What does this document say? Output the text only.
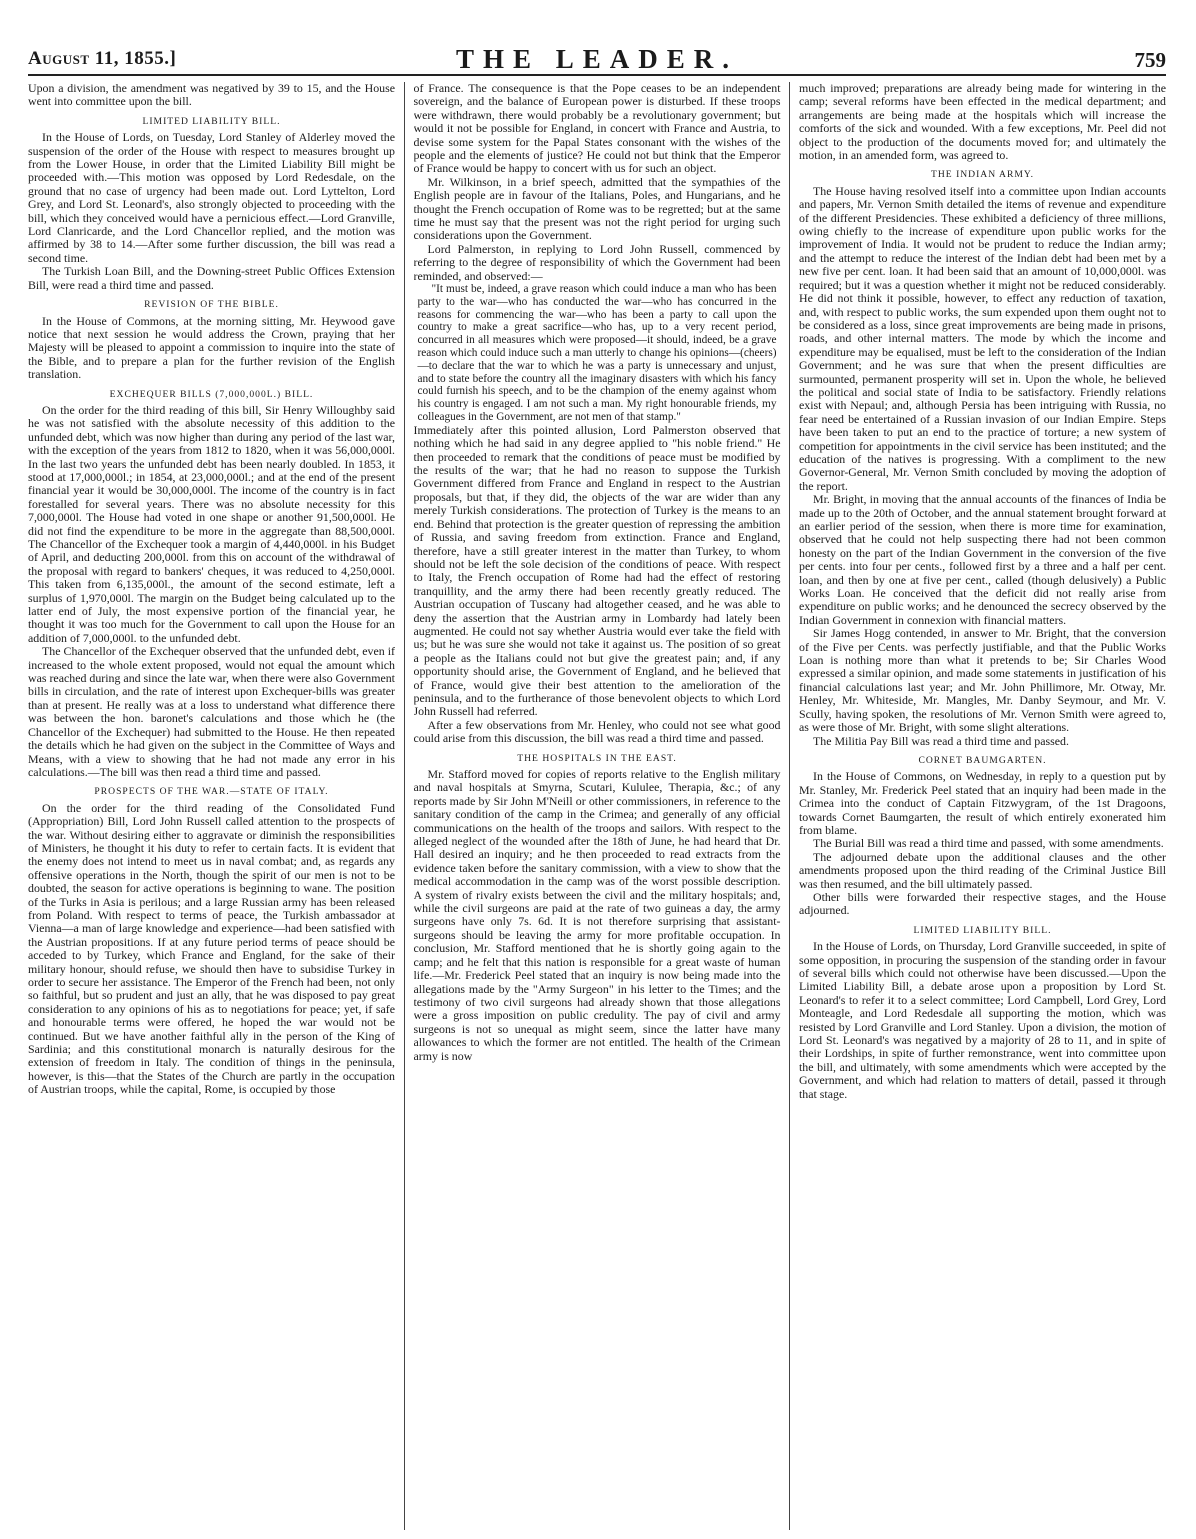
August 11, 1855.]	THE LEADER.	759

Upon a division, the amendment was negatived by 39 to 15, and the House went into committee upon the bill.

LIMITED LIABILITY BILL.

In the House of Lords, on Tuesday, Lord Stanley of Alderley moved the suspension of the order of the House with respect to measures brought up from the Lower House, in order that the Limited Liability Bill might be proceeded with.—This motion was opposed by Lord Redesdale, on the ground that no case of urgency had been made out. Lord Lyttelton, Lord Grey, and Lord St. Leonard's, also strongly objected to proceeding with the bill, which they conceived would have a pernicious effect.—Lord Granville, Lord Clanricarde, and the Lord Chancellor replied, and the motion was affirmed by 38 to 14.—After some further discussion, the bill was read a second time.

The Turkish Loan Bill, and the Downing-street Public Offices Extension Bill, were read a third time and passed.

REVISION OF THE BIBLE.

In the House of Commons, at the morning sitting, Mr. Heywood gave notice that next session he would address the Crown, praying that her Majesty will be pleased to appoint a commission to inquire into the state of the Bible, and to prepare a plan for the further revision of the English translation.

EXCHEQUER BILLS (7,000,000L.) BILL.

On the order for the third reading of this bill, Sir Henry Willoughby said he was not satisfied with the absolute necessity of this addition to the unfunded debt, which was now higher than during any period of the last war, with the exception of the years from 1812 to 1820, when it was 56,000,000l. In the last two years the unfunded debt has been nearly doubled. In 1853, it stood at 17,000,000l.; in 1854, at 23,000,000l.; and at the end of the present financial year it would be 30,000,000l. The income of the country is in fact forestalled for several years. There was no absolute necessity for this 7,000,000l. The House had voted in one shape or another 91,500,000l. He did not find the expenditure to be more in the aggregate than 88,500,000l. The Chancellor of the Exchequer took a margin of 4,440,000l. in his Budget of April, and deducting 200,000l. from this on account of the withdrawal of the proposal with regard to bankers' cheques, it was reduced to 4,250,000l. This taken from 6,135,000l., the amount of the second estimate, left a surplus of 1,970,000l. The margin on the Budget being calculated up to the latter end of July, the most expensive portion of the financial year, he thought it was too much for the Government to call upon the House for an addition of 7,000,000l. to the unfunded debt.

The Chancellor of the Exchequer observed that the unfunded debt, even if increased to the whole extent proposed, would not equal the amount which was reached during and since the late war, when there were also Government bills in circulation, and the rate of interest upon Exchequer-bills was greater than at present. He really was at a loss to understand what difference there was between the hon. baronet's calculations and those which he (the Chancellor of the Exchequer) had submitted to the House. He then repeated the details which he had given on the subject in the Committee of Ways and Means, with a view to showing that he had not made any error in his calculations.—The bill was then read a third time and passed.

PROSPECTS OF THE WAR.—STATE OF ITALY.

On the order for the third reading of the Consolidated Fund (Appropriation) Bill, Lord John Russell called attention to the prospects of the war. Without desiring either to aggravate or diminish the responsibilities of Ministers, he thought it his duty to refer to certain facts. It is evident that the enemy does not intend to meet us in naval combat; and, as regards any offensive operations in the North, though the spirit of our men is not to be doubted, the season for active operations is beginning to wane. The position of the Turks in Asia is perilous; and a large Russian army has been released from Poland. With respect to terms of peace, the Turkish ambassador at Vienna—a man of large knowledge and experience—had been satisfied with the Austrian propositions. If at any future period terms of peace should be acceded to by Turkey, which France and England, for the sake of their military honour, should refuse, we should then have to subsidise Turkey in order to secure her assistance. The Emperor of the French had been, not only so faithful, but so prudent and just an ally, that he was disposed to pay great consideration to any opinions of his as to negotiations for peace; yet, if safe and honourable terms were offered, he hoped the war would not be continued. But we have another faithful ally in the person of the King of Sardinia; and this constitutional monarch is naturally desirous for the extension of freedom in Italy. The condition of things in the peninsula, however, is this—that the States of the Church are partly in the occupation of Austrian troops, while the capital, Rome, is occupied by those

of France. The consequence is that the Pope ceases to be an independent sovereign, and the balance of European power is disturbed. If these troops were withdrawn, there would probably be a revolutionary government; but would it not be possible for England, in concert with France and Austria, to devise some system for the Papal States consonant with the wishes of the people and the elements of justice? He could not but think that the Emperor of France would be happy to concert with us for such an object.

Mr. Wilkinson, in a brief speech, admitted that the sympathies of the English people are in favour of the Italians, Poles, and Hungarians, and he thought the French occupation of Rome was to be regretted; but at the same time he must say that the present was not the right period for urging such considerations upon the Government.

Lord Palmerston, in replying to Lord John Russell, commenced by referring to the degree of responsibility of which the Government had been reminded, and observed:—

"It must be, indeed, a grave reason which could induce a man who has been party to the war—who has conducted the war—who has concurred in the reasons for commencing the war—who has been a party to call upon the country to make a great sacrifice—who has, up to a very recent period, concurred in all measures which were proposed—it should, indeed, be a grave reason which could induce such a man utterly to change his opinions—(cheers)—to declare that the war to which he was a party is unnecessary and unjust, and to state before the country all the imaginary disasters with which his fancy could furnish his speech, and to be the champion of the enemy against whom his country is engaged. I am not such a man. My right honourable friends, my colleagues in the Government, are not men of that stamp."

Immediately after this pointed allusion, Lord Palmerston observed that nothing which he had said in any degree applied to "his noble friend." He then proceeded to remark that the conditions of peace must be modified by the results of the war; that he had no reason to suppose the Turkish Government differed from France and England in respect to the Austrian proposals, but that, if they did, the objects of the war are wider than any merely Turkish considerations. The protection of Turkey is the means to an end. Behind that protection is the greater question of repressing the ambition of Russia, and saving freedom from extinction. France and England, therefore, have a still greater interest in the matter than Turkey, to whom should not be left the sole decision of the conditions of peace. With respect to Italy, the French occupation of Rome had had the effect of restoring tranquillity, and the army there had been recently greatly reduced. The Austrian occupation of Tuscany had altogether ceased, and he was able to deny the assertion that the Austrian army in Lombardy had lately been augmented. He could not say whether Austria would ever take the field with us; but he was sure she would not take it against us. The position of so great a people as the Italians could not but give the greatest pain; and, if any opportunity should arise, the Government of England, and he believed that of France, would give their best attention to the amelioration of the peninsula, and to the furtherance of those benevolent objects to which Lord John Russell had referred.

After a few observations from Mr. Henley, who could not see what good could arise from this discussion, the bill was read a third time and passed.

THE HOSPITALS IN THE EAST.

Mr. Stafford moved for copies of reports relative to the English military and naval hospitals at Smyrna, Scutari, Kululee, Therapia, &c.; of any reports made by Sir John M'Neill or other commissioners, in reference to the sanitary condition of the camp in the Crimea; and generally of any official communications on the health of the troops and sailors. With respect to the alleged neglect of the wounded after the 18th of June, he had heard that Dr. Hall desired an inquiry; and he then proceeded to read extracts from the evidence taken before the sanitary commission, with a view to show that the medical accommodation in the camp was of the worst possible description. A system of rivalry exists between the civil and the military hospitals; and, while the civil surgeons are paid at the rate of two guineas a day, the army surgeons have only 7s. 6d. It is not therefore surprising that assistant-surgeons should be leaving the army for more profitable occupation. In conclusion, Mr. Stafford mentioned that he is shortly going again to the camp; and he felt that this nation is responsible for a great waste of human life.—Mr. Frederick Peel stated that an inquiry is now being made into the allegations made by the "Army Surgeon" in his letter to the Times; and the testimony of two civil surgeons had already shown that those allegations were a gross imposition on public credulity. The pay of civil and army surgeons is not so unequal as might seem, since the latter have many allowances to which the former are not entitled. The health of the Crimean army is now

much improved; preparations are already being made for wintering in the camp; several reforms have been effected in the medical department; and arrangements are being made at the hospitals which will increase the comforts of the sick and wounded. With a few exceptions, Mr. Peel did not object to the production of the documents moved for; and ultimately the motion, in an amended form, was agreed to.

THE INDIAN ARMY.

The House having resolved itself into a committee upon Indian accounts and papers, Mr. Vernon Smith detailed the items of revenue and expenditure of the different Presidencies. These exhibited a deficiency of three millions, owing chiefly to the increase of expenditure upon public works for the improvement of India. It would not be prudent to reduce the Indian army; and the attempt to reduce the interest of the Indian debt had been met by a new five per cent. loan. It had been said that an amount of 10,000,000l. was required; but it was a question whether it might not be reduced considerably. He did not think it possible, however, to effect any reduction of taxation, and, with respect to public works, the sum expended upon them ought not to be considered as a loss, since great improvements are being made in prisons, roads, and other internal matters. The mode by which the income and expenditure may be equalised, must be left to the consideration of the Indian Government; and he was sure that when the present difficulties are surmounted, permanent prosperity will set in. Upon the whole, he believed the political and social state of India to be satisfactory. Friendly relations exist with Nepaul; and, although Persia has been intriguing with Russia, no fear need be entertained of a Russian invasion of our Indian Empire. Steps have been taken to put an end to the practice of torture; a new system of competition for appointments in the civil service has been instituted; and the education of the natives is progressing. With a compliment to the new Governor-General, Mr. Vernon Smith concluded by moving the adoption of the report.

Mr. Bright, in moving that the annual accounts of the finances of India be made up to the 20th of October, and the annual statement brought forward at an earlier period of the session, when there is more time for examination, observed that he could not help suspecting there had not been common honesty on the part of the Indian Government in the conversion of the five per cents. into four per cents., followed first by a three and a half per cent. loan, and then by one at five per cent., called (though delusively) a Public Works Loan. He conceived that the deficit did not really arise from expenditure on public works; and he denounced the secrecy observed by the Indian Government in connexion with financial matters.

Sir James Hogg contended, in answer to Mr. Bright, that the conversion of the Five per Cents. was perfectly justifiable, and that the Public Works Loan is nothing more than what it pretends to be; Sir Charles Wood expressed a similar opinion, and made some statements in justification of his financial calculations last year; and Mr. John Phillimore, Mr. Otway, Mr. Henley, Mr. Whiteside, Mr. Mangles, Mr. Danby Seymour, and Mr. V. Scully, having spoken, the resolutions of Mr. Vernon Smith were agreed to, as were those of Mr. Bright, with some slight alterations.

The Militia Pay Bill was read a third time and passed.

CORNET BAUMGARTEN.

In the House of Commons, on Wednesday, in reply to a question put by Mr. Stanley, Mr. Frederick Peel stated that an inquiry had been made in the Crimea into the conduct of Captain Fitzwygram, of the 1st Dragoons, towards Cornet Baumgarten, the result of which entirely exonerated him from blame.

The Burial Bill was read a third time and passed, with some amendments.

The adjourned debate upon the additional clauses and the other amendments proposed upon the third reading of the Criminal Justice Bill was then resumed, and the bill ultimately passed.

Other bills were forwarded their respective stages, and the House adjourned.

LIMITED LIABILITY BILL.

In the House of Lords, on Thursday, Lord Granville succeeded, in spite of some opposition, in procuring the suspension of the standing order in favour of several bills which could not otherwise have been discussed.—Upon the Limited Liability Bill, a debate arose upon a proposition by Lord St. Leonard's to refer it to a select committee; Lord Campbell, Lord Grey, Lord Monteagle, and Lord Redesdale all supporting the motion, which was resisted by Lord Granville and Lord Stanley. Upon a division, the motion of Lord St. Leonard's was negatived by a majority of 28 to 11, and in spite of their Lordships, in spite of further remonstrance, went into committee upon the bill, and ultimately, with some amendments which were accepted by the Government, and which had relation to matters of detail, passed it through that stage.
